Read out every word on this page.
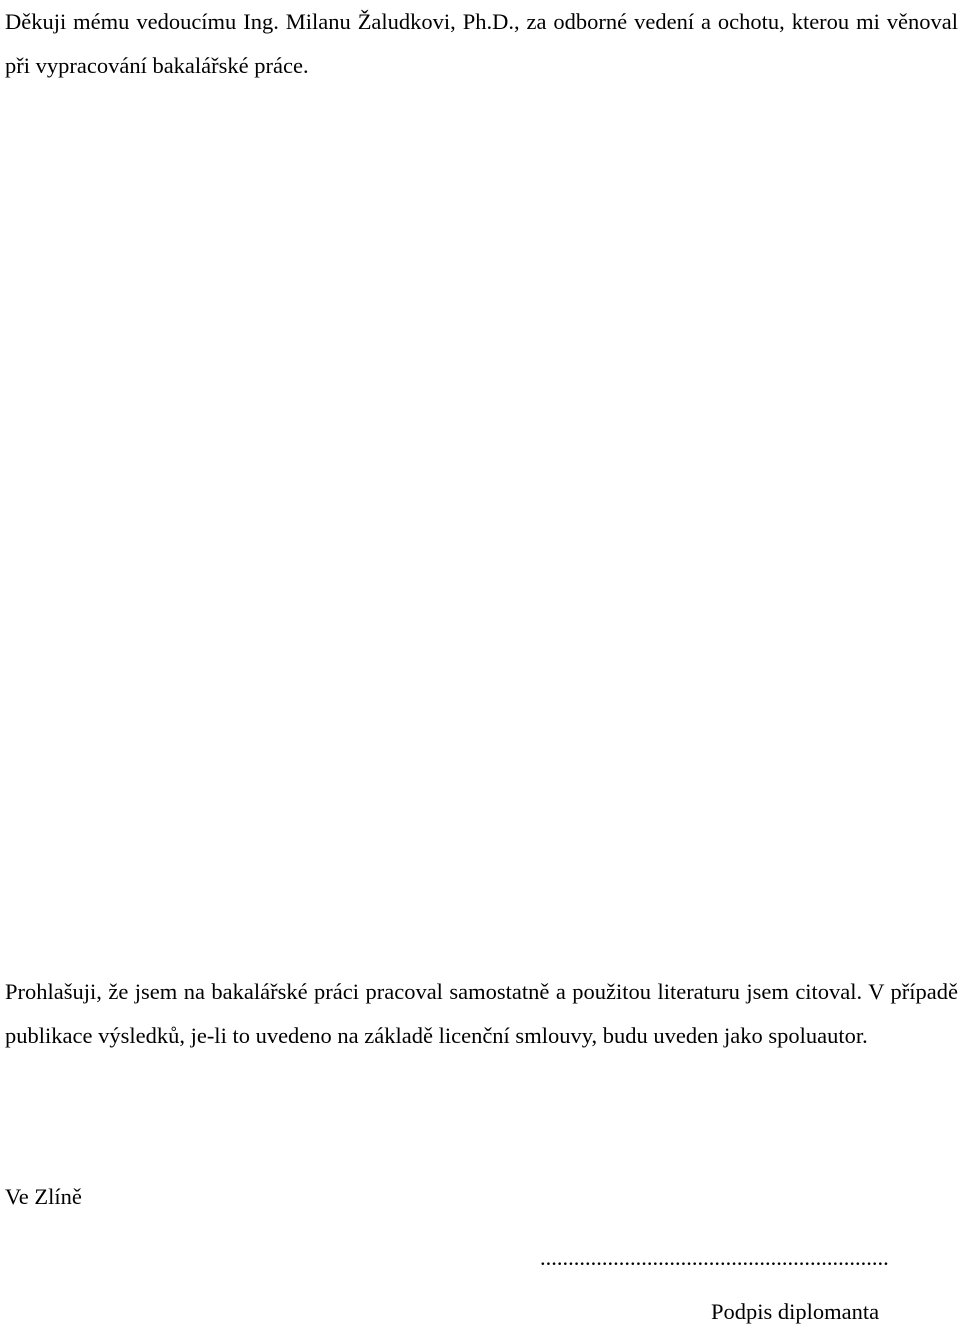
Děkuji mému vedoucímu Ing. Milanu Žaludkovi, Ph.D., za odborné vedení a ochotu, kterou mi věnoval při vypracování bakalářské práce.

Prohlašuji, že jsem na bakalářské práci pracoval samostatně a použitou literaturu jsem citoval. V případě publikace výsledků, je-li to uvedeno na základě licenční smlouvy, budu uveden jako spoluautor.

Ve Zlíně

..............................................................

Podpis diplomanta
